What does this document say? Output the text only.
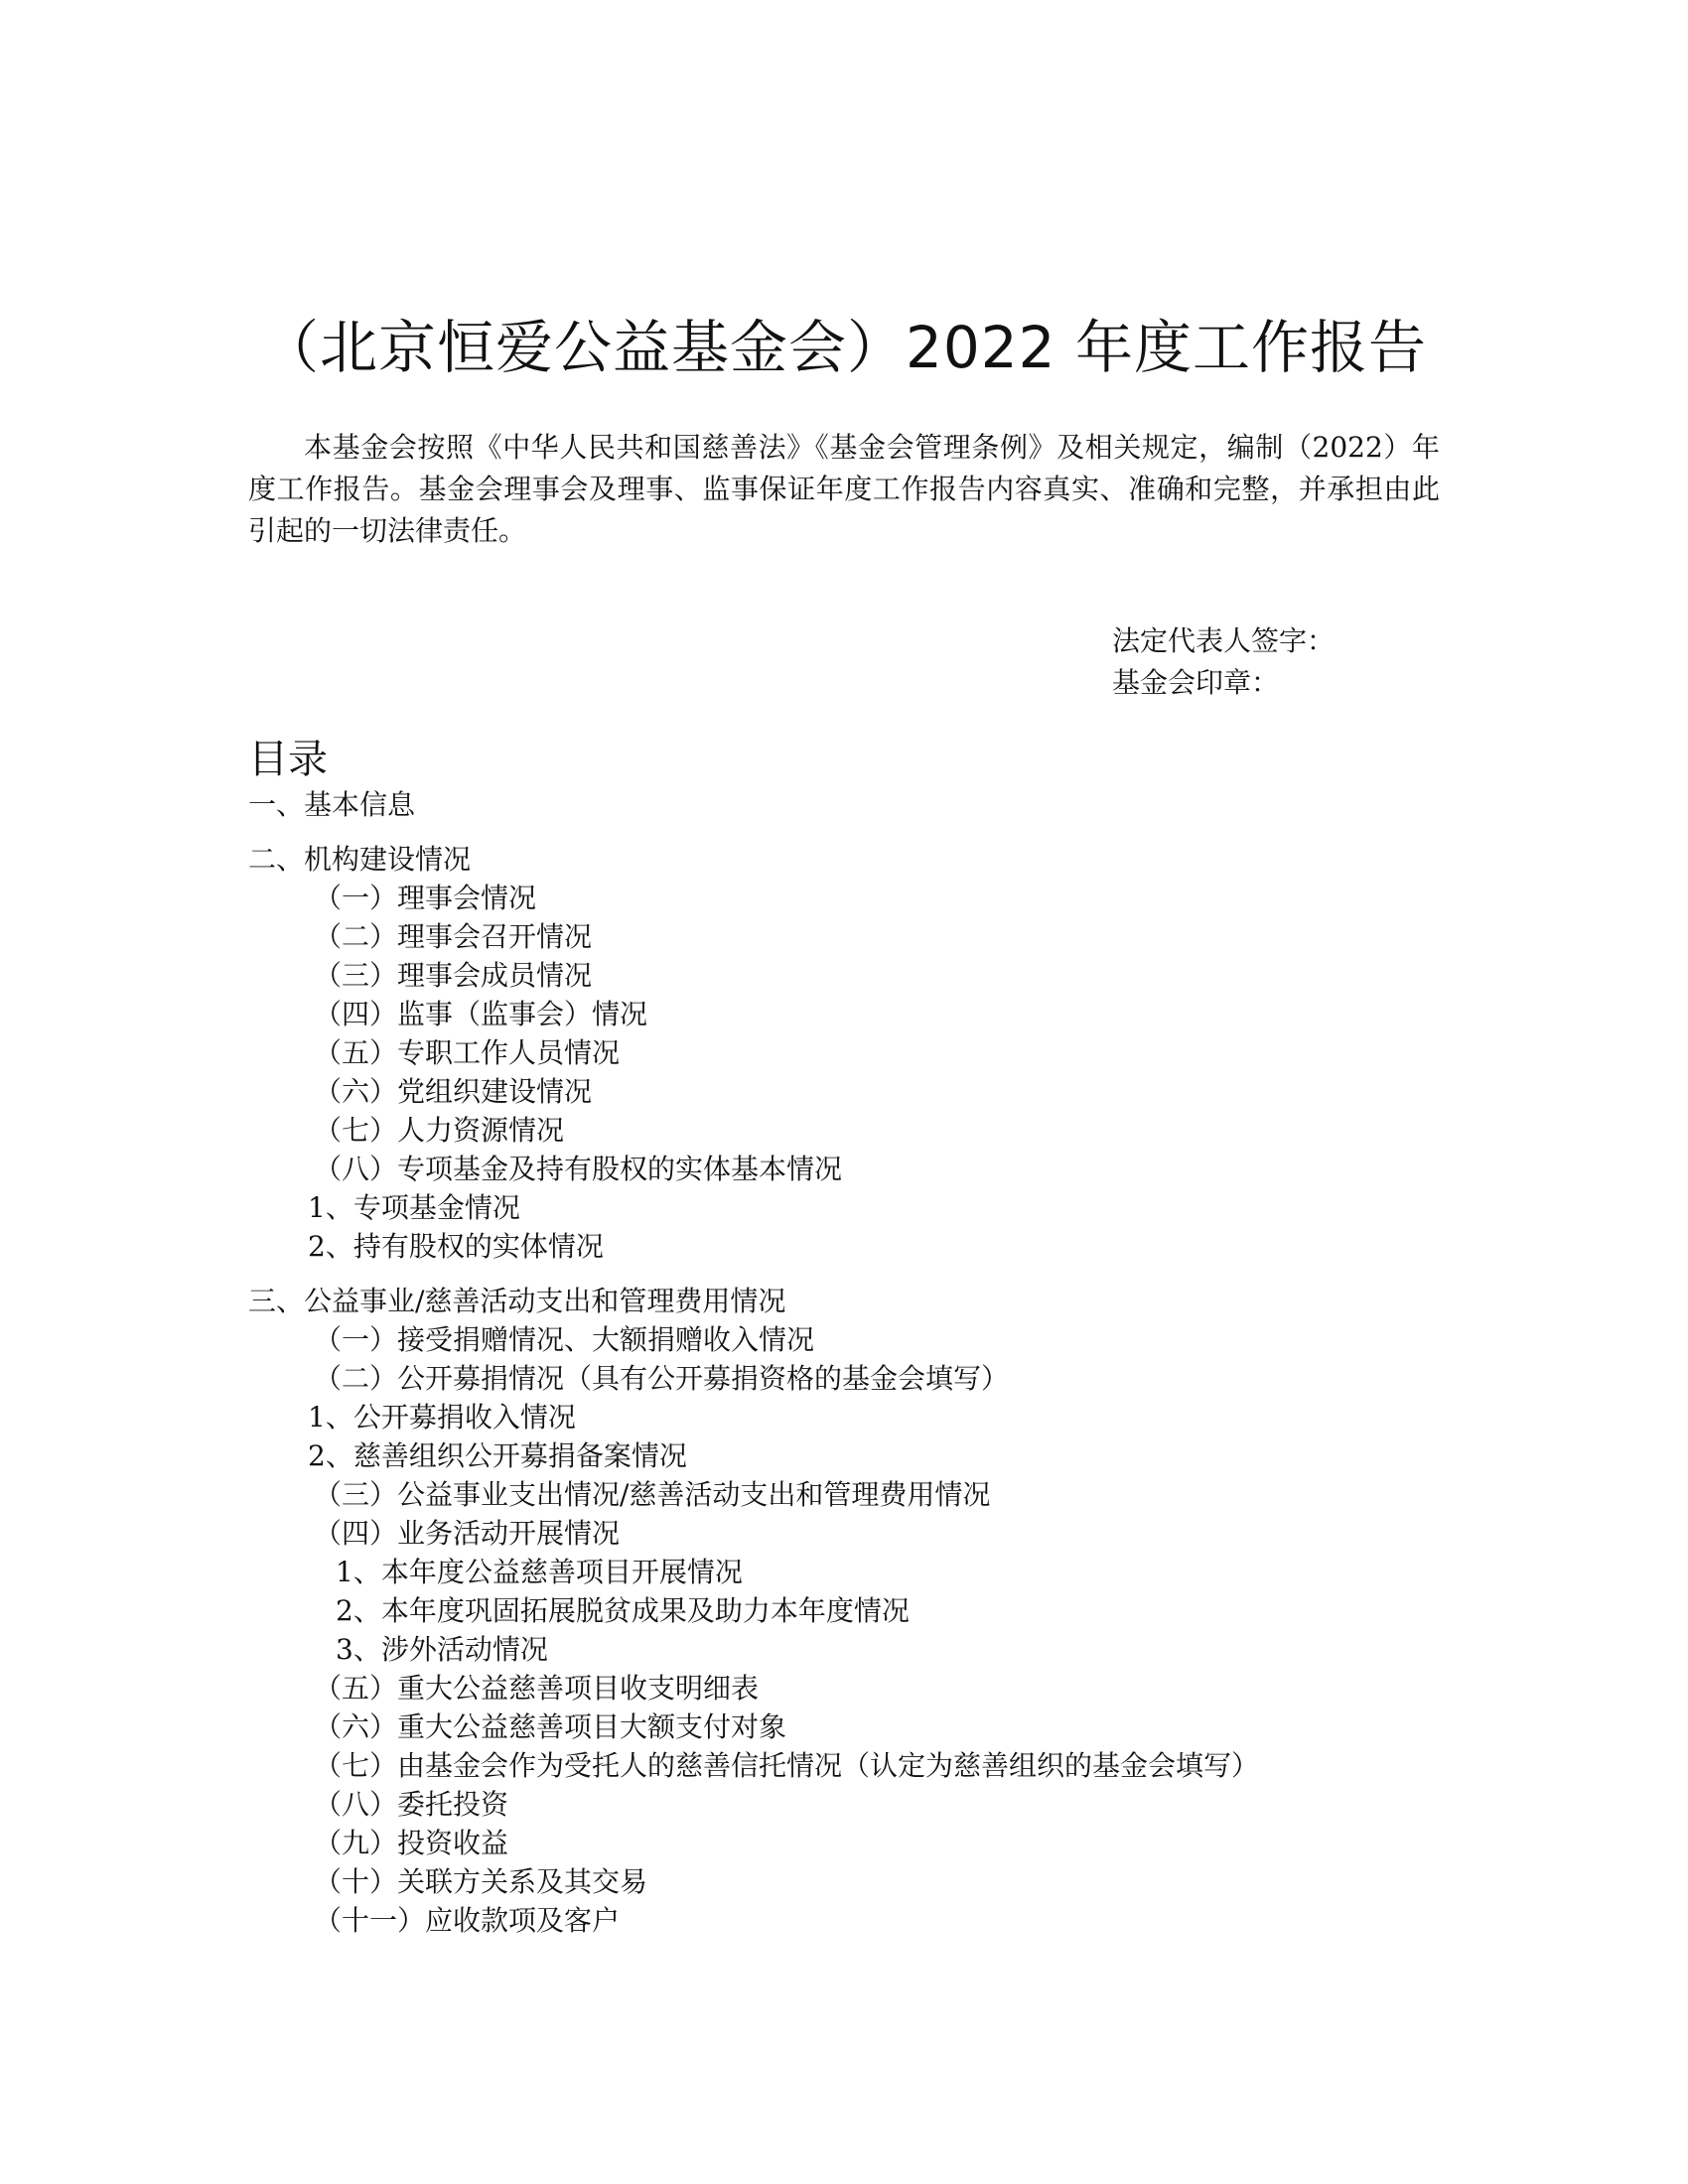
（北京恒爱公益基金会）2022 年度工作报告

本基金会按照《中华人民共和国慈善法》《基金会管理条例》及相关规定，编制（2022）年度工作报告。基金会理事会及理事、监事保证年度工作报告内容真实、准确和完整，并承担由此引起的一切法律责任。

法定代表人签字：
基金会印章：
目录
一、基本信息
二、机构建设情况
（一）理事会情况
（二）理事会召开情况
（三）理事会成员情况
（四）监事（监事会）情况
（五）专职工作人员情况
（六）党组织建设情况
（七）人力资源情况
（八）专项基金及持有股权的实体基本情况
1、专项基金情况
2、持有股权的实体情况
三、公益事业/慈善活动支出和管理费用情况
（一）接受捐赠情况、大额捐赠收入情况
（二）公开募捐情况（具有公开募捐资格的基金会填写）
1、公开募捐收入情况
2、慈善组织公开募捐备案情况
（三）公益事业支出情况/慈善活动支出和管理费用情况
（四）业务活动开展情况
1、本年度公益慈善项目开展情况
2、本年度巩固拓展脱贫成果及助力本年度情况
3、涉外活动情况
（五）重大公益慈善项目收支明细表
（六）重大公益慈善项目大额支付对象
（七）由基金会作为受托人的慈善信托情况（认定为慈善组织的基金会填写）
（八）委托投资
（九）投资收益
（十）关联方关系及其交易
（十一）应收款项及客户
